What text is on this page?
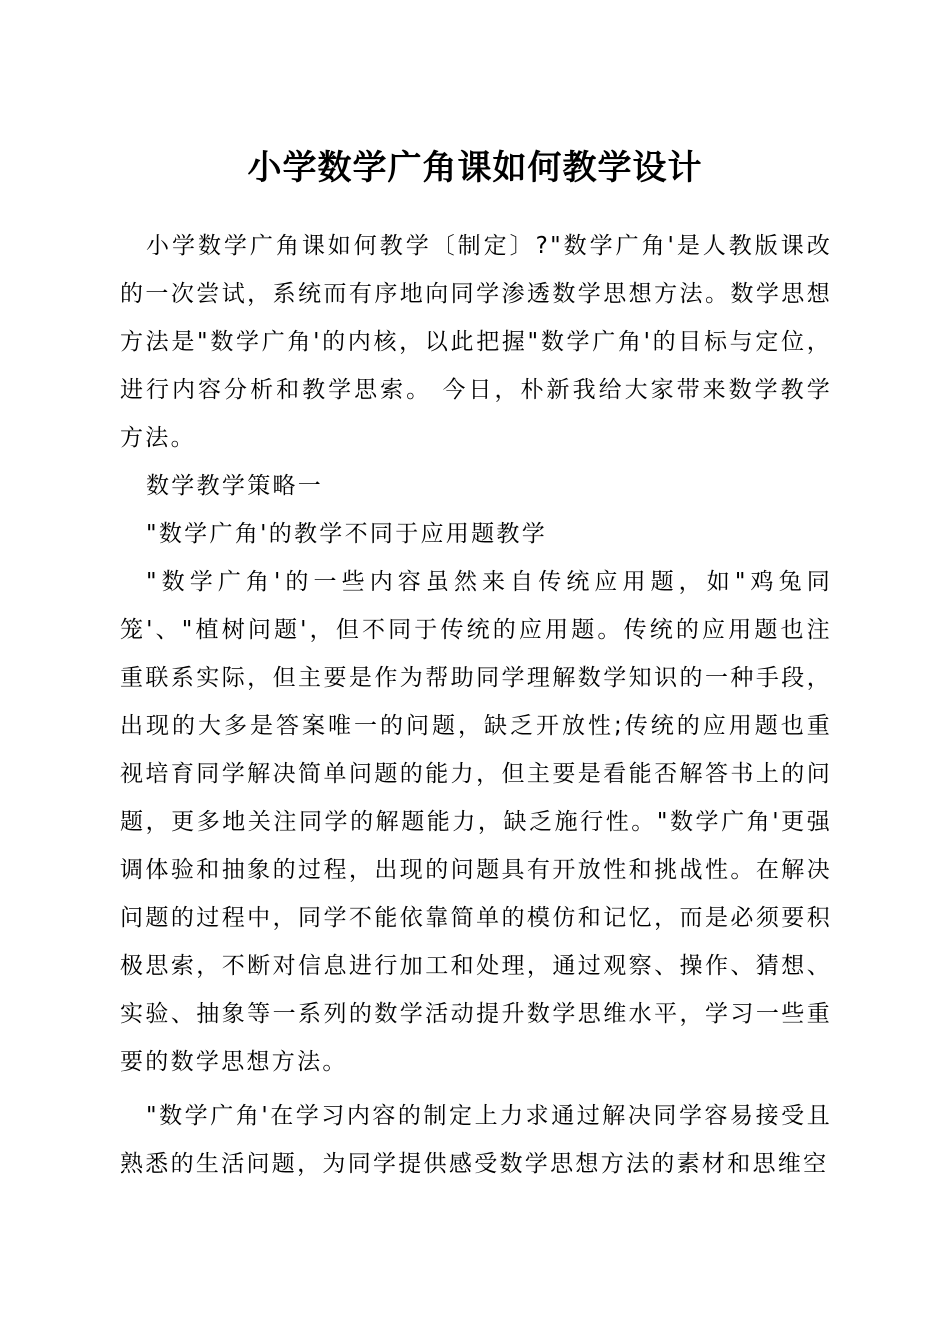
小学数学广角课如何教学设计

小学数学广角课如何教学〔制定〕?"数学广角'是人教版课改的一次尝试，系统而有序地向同学渗透数学思想方法。数学思想方法是"数学广角'的内核，以此把握"数学广角'的目标与定位，进行内容分析和教学思索。 今日，朴新我给大家带来数学教学方法。

数学教学策略一

"数学广角'的教学不同于应用题教学

"数学广角'的一些内容虽然来自传统应用题，如"鸡兔同笼'、"植树问题'，但不同于传统的应用题。传统的应用题也注重联系实际，但主要是作为帮助同学理解数学知识的一种手段，出现的大多是答案唯一的问题，缺乏开放性;传统的应用题也重视培育同学解决简单问题的能力，但主要是看能否解答书上的问题，更多地关注同学的解题能力，缺乏施行性。"数学广角'更强调体验和抽象的过程，出现的问题具有开放性和挑战性。在解决问题的过程中，同学不能依靠简单的模仿和记忆，而是必须要积极思索，不断对信息进行加工和处理，通过观察、操作、猜想、实验、抽象等一系列的数学活动提升数学思维水平，学习一些重要的数学思想方法。

"数学广角'在学习内容的制定上力求通过解决同学容易接受且熟悉的生活问题，为同学提供感受数学思想方法的素材和思维空
